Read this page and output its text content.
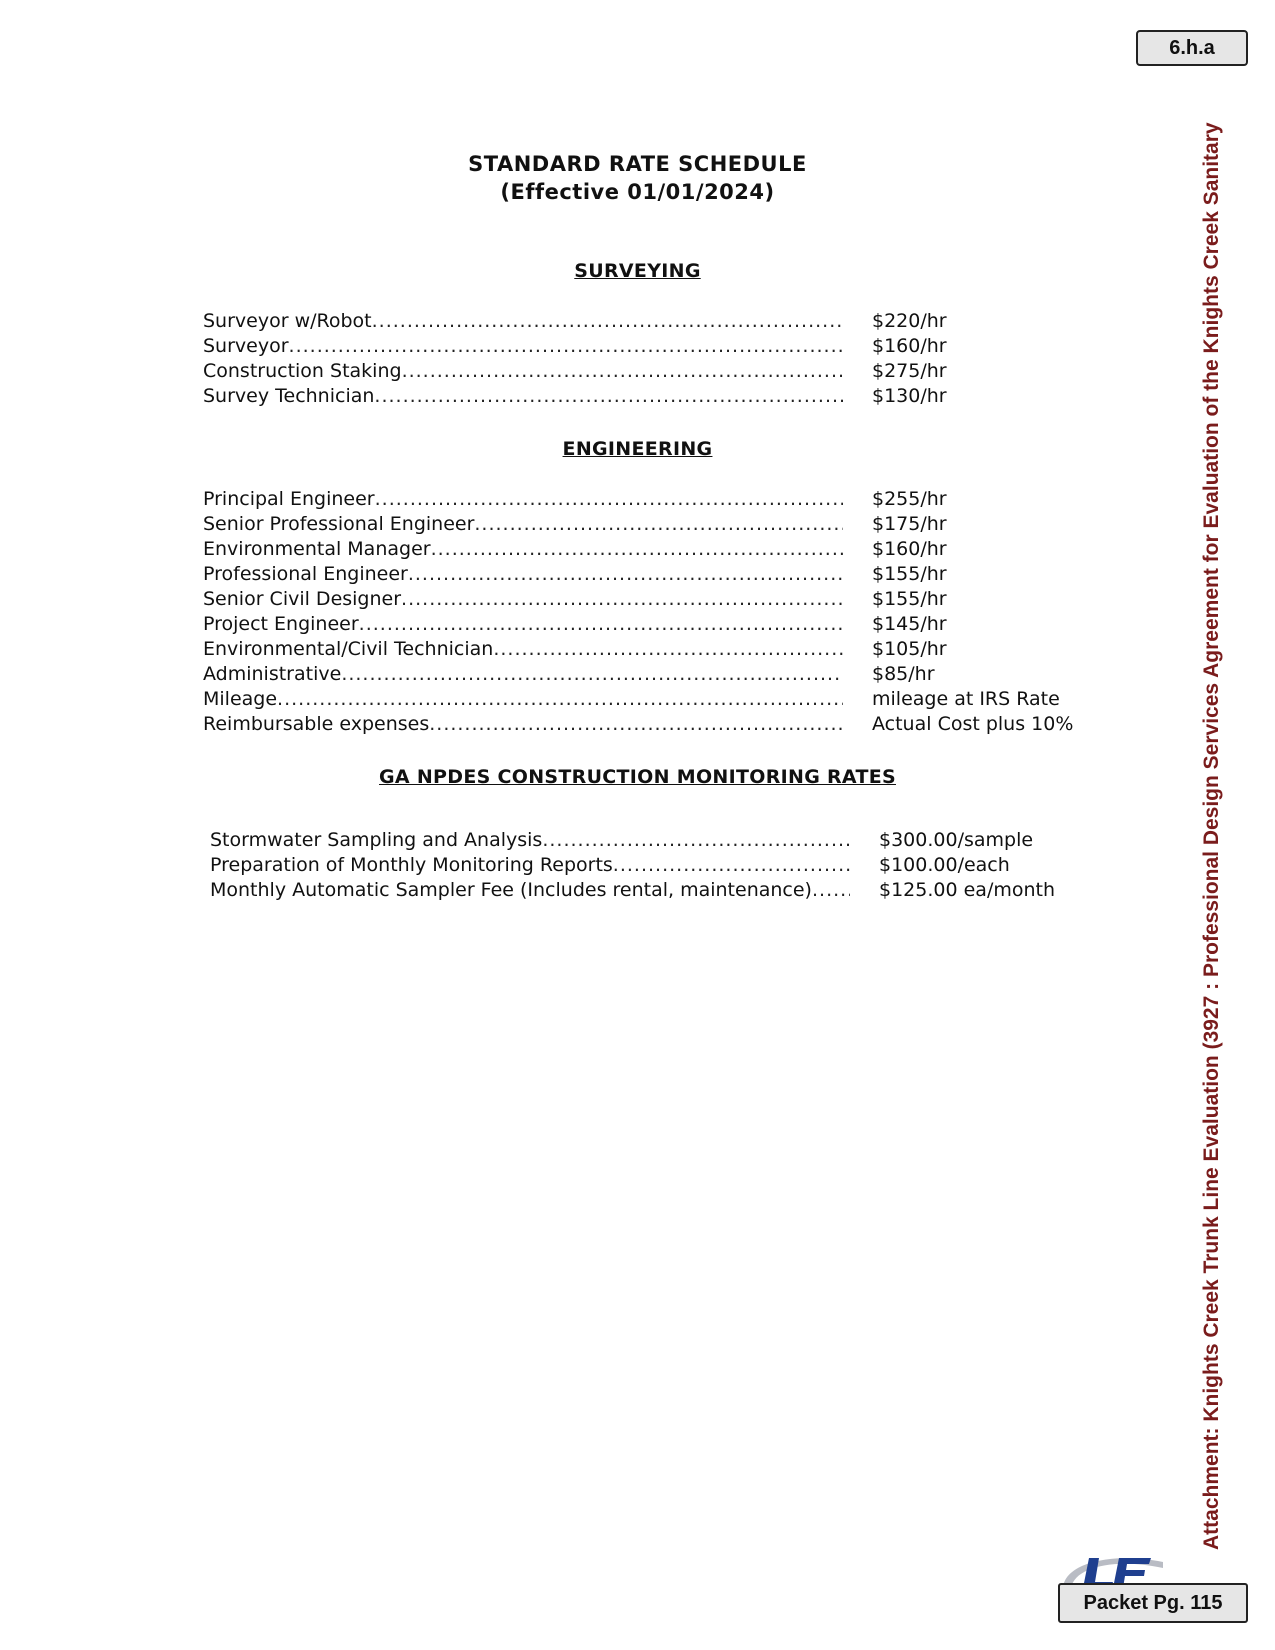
6.h.a
STANDARD RATE SCHEDULE
(Effective 01/01/2024)
SURVEYING
Surveyor w/Robot .....	$220/hr
Surveyor .....	$160/hr
Construction Staking .....	$275/hr
Survey Technician .....	$130/hr
ENGINEERING
Principal Engineer .....	$255/hr
Senior Professional Engineer .....	$175/hr
Environmental Manager .....	$160/hr
Professional Engineer .....	$155/hr
Senior Civil Designer .....	$155/hr
Project Engineer .....	$145/hr
Environmental/Civil Technician .....	$105/hr
Administrative .....	$85/hr
Mileage .....	mileage at IRS Rate
Reimbursable expenses .....	Actual Cost plus 10%
GA NPDES CONSTRUCTION MONITORING RATES
Stormwater Sampling and Analysis .....	$300.00/sample
Preparation of Monthly Monitoring Reports .....	$100.00/each
Monthly Automatic Sampler Fee (Includes rental, maintenance) .....	$125.00 ea/month	Attachment: Knights Creek Trunk Line Evaluation (3927 : Professional Design Services Agreement for Evaluation of the Knights Creek Sanitary
Packet Pg. 115
